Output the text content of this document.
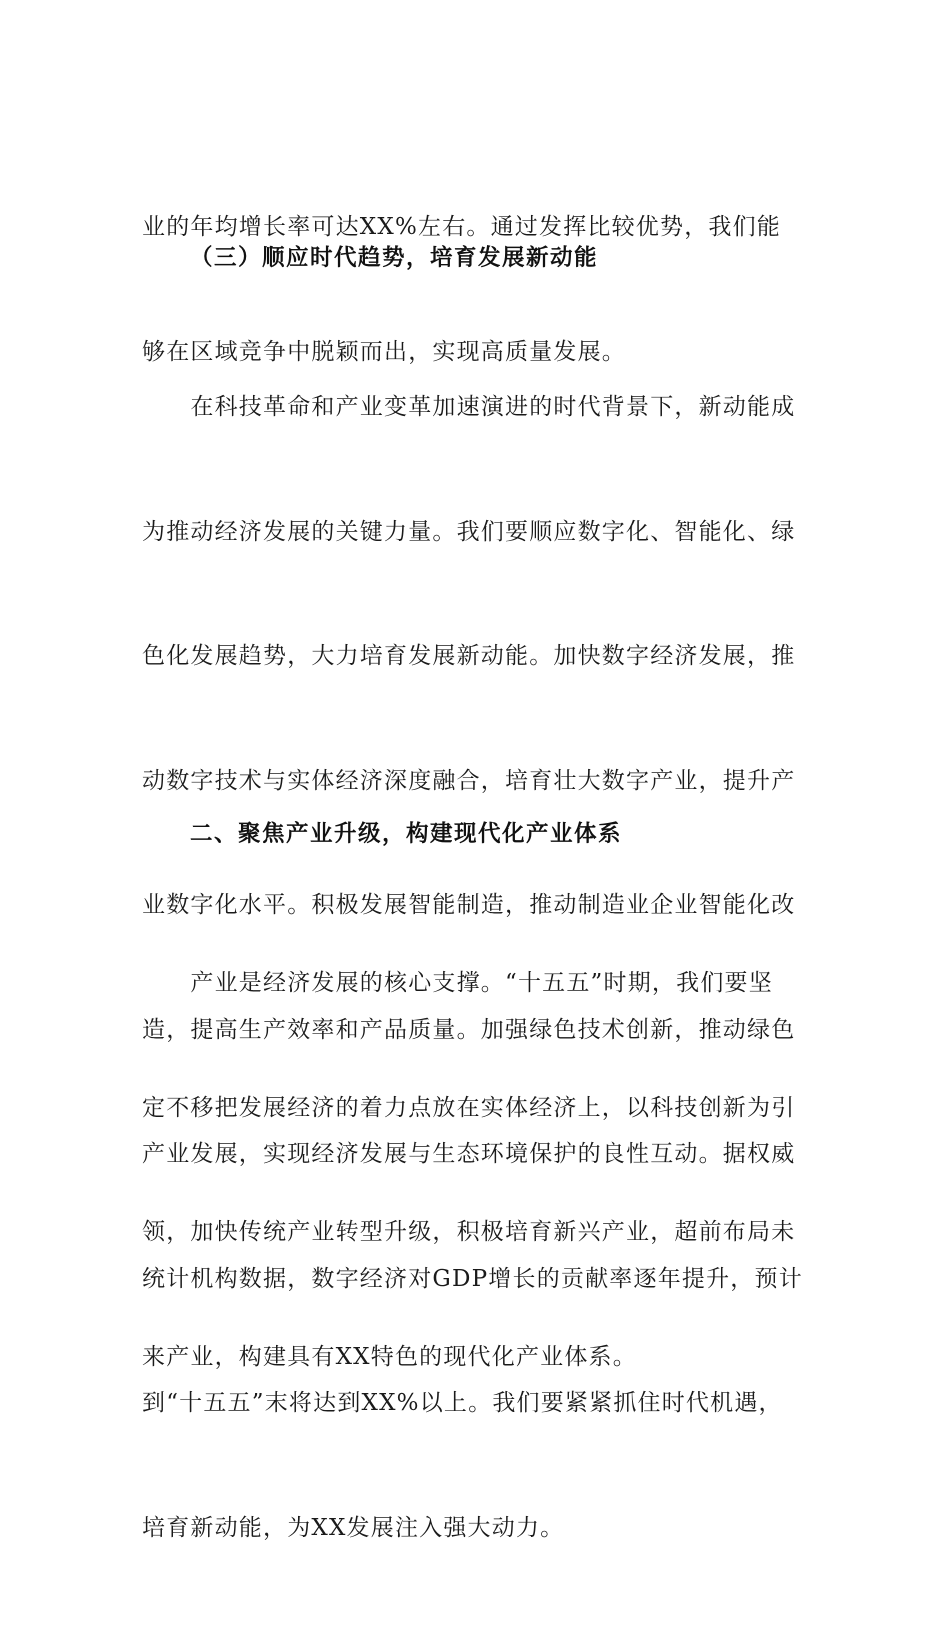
业的年均增长率可达XX%左右。通过发挥比较优势，我们能

够在区域竞争中脱颖而出，实现高质量发展。

（三）顺应时代趋势，培育发展新动能

　　在科技革命和产业变革加速演进的时代背景下，新动能成

为推动经济发展的关键力量。我们要顺应数字化、智能化、绿

色化发展趋势，大力培育发展新动能。加快数字经济发展，推

动数字技术与实体经济深度融合，培育壮大数字产业，提升产

业数字化水平。积极发展智能制造，推动制造业企业智能化改

造，提高生产效率和产品质量。加强绿色技术创新，推动绿色

产业发展，实现经济发展与生态环境保护的良性互动。据权威

统计机构数据，数字经济对GDP增长的贡献率逐年提升，预计

到“十五五”末将达到XX%以上。我们要紧紧抓住时代机遇，

培育新动能，为XX发展注入强大动力。

二、聚焦产业升级，构建现代化产业体系

　　产业是经济发展的核心支撑。“十五五”时期，我们要坚

定不移把发展经济的着力点放在实体经济上，以科技创新为引

领，加快传统产业转型升级，积极培育新兴产业，超前布局未

来产业，构建具有XX特色的现代化产业体系。
